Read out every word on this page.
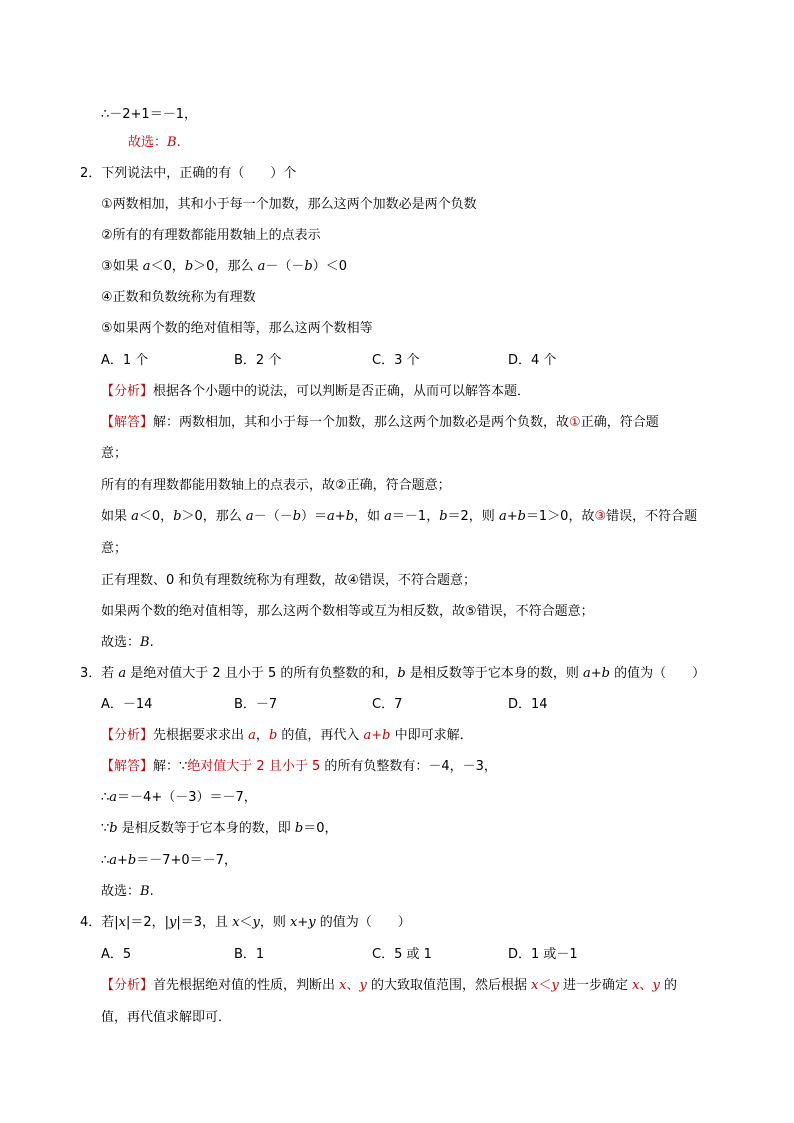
∴－2+1＝－1，
故选：B.
2．下列说法中，正确的有（　　）个
①两数相加，其和小于每一个加数，那么这两个加数必是两个负数
②所有的有理数都能用数轴上的点表示
③如果 a＜0，b＞0，那么 a－（－b）＜0
④正数和负数统称为有理数
⑤如果两个数的绝对值相等，那么这两个数相等
A．1 个	B．2 个	C．3 个	D．4 个
【分析】根据各个小题中的说法，可以判断是否正确，从而可以解答本题．
【解答】解：两数相加，其和小于每一个加数，那么这两个加数必是两个负数，故①正确，符合题
意；
所有的有理数都能用数轴上的点表示，故②正确，符合题意；
如果 a＜0，b＞0，那么 a－（－b）＝a+b，如 a＝－1，b＝2，则 a+b＝1＞0，故③错误，不符合题
意；
正有理数、0 和负有理数统称为有理数，故④错误，不符合题意；
如果两个数的绝对值相等，那么这两个数相等或互为相反数，故⑤错误，不符合题意；
故选：B.
3．若 a 是绝对值大于 2 且小于 5 的所有负整数的和，b 是相反数等于它本身的数，则 a+b 的值为（　　）
A．－14	B．－7	C．7	D．14
【分析】先根据要求求出 a，b 的值，再代入 a+b 中即可求解．
【解答】解：∵绝对值大于 2 且小于 5 的所有负整数有：－4，－3，
∴a＝－4+（－3）＝－7，
∵b 是相反数等于它本身的数，即 b＝0，
∴a+b＝－7+0＝－7，
故选：B.
4．若|x|＝2，|y|＝3，且 x＜y，则 x+y 的值为（　　）
A．5	B．1	C．5 或 1	D．1 或－1
【分析】首先根据绝对值的性质，判断出 x、y 的大致取值范围，然后根据 x＜y 进一步确定 x、y 的
值，再代值求解即可．
